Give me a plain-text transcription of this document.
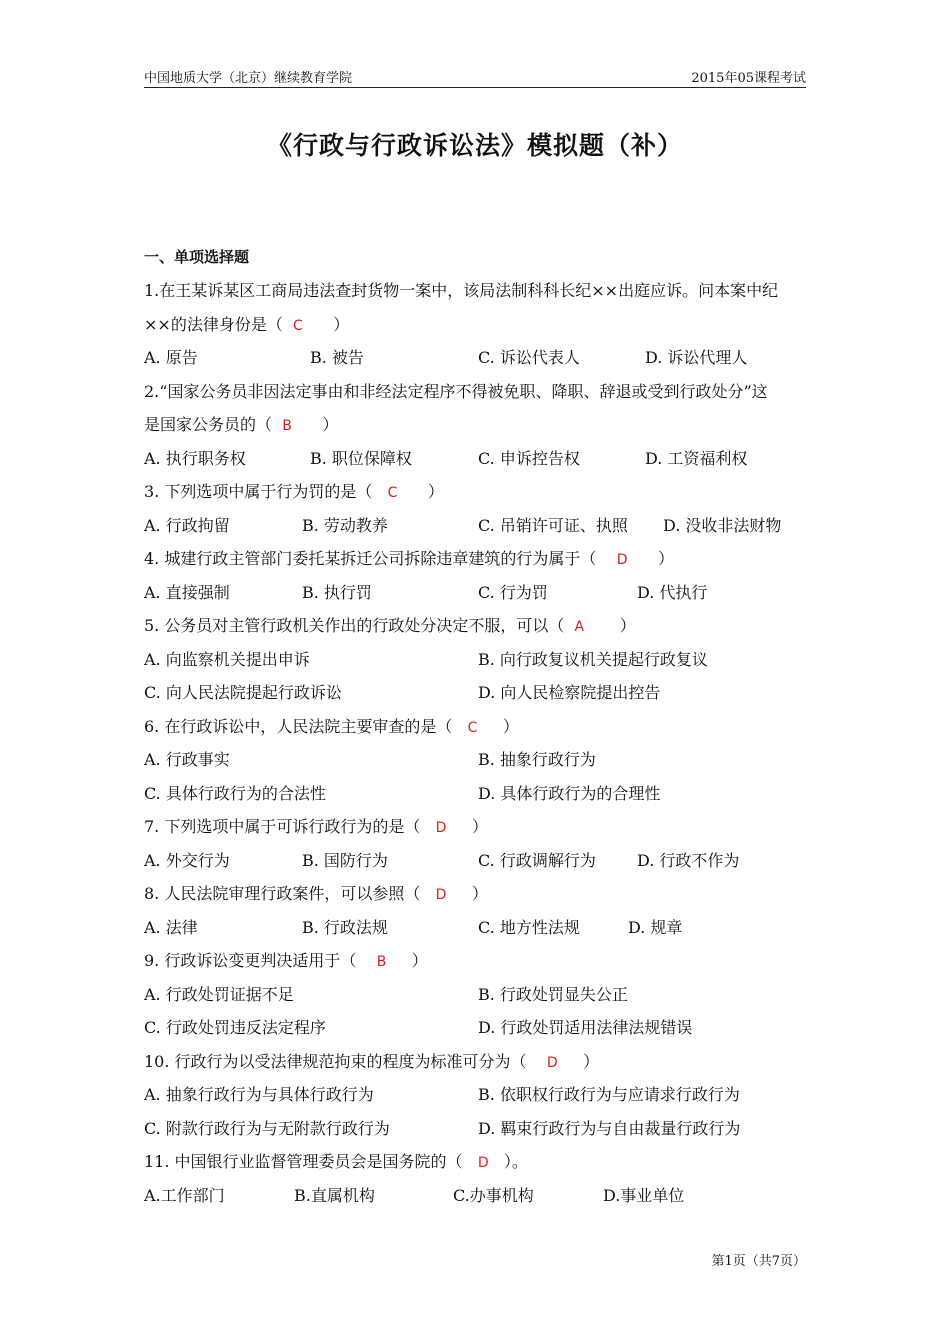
中国地质大学（北京）继续教育学院	2015年05课程考试
《行政与行政诉讼法》模拟题（补）
一、单项选择题
1.在王某诉某区工商局违法查封货物一案中，该局法制科科长纪××出庭应诉。问本案中纪
××的法律身份是（ C ）
A. 原告	B. 被告	C. 诉讼代表人	D. 诉讼代理人
2.“国家公务员非因法定事由和非经法定程序不得被免职、降职、辞退或受到行政处分”这
是国家公务员的（ B ）
A. 执行职务权	B. 职位保障权	C. 申诉控告权	D. 工资福利权
3. 下列选项中属于行为罚的是（ C ）
A. 行政拘留	B. 劳动教养	C. 吊销许可证、执照 D. 没收非法财物
4. 城建行政主管部门委托某拆迁公司拆除违章建筑的行为属于（ D ）
A. 直接强制	B. 执行罚	C. 行为罚	D. 代执行
5. 公务员对主管行政机关作出的行政处分决定不服，可以（ A ）
A. 向监察机关提出申诉	B. 向行政复议机关提起行政复议
C. 向人民法院提起行政诉讼	D. 向人民检察院提出控告
6. 在行政诉讼中，人民法院主要审查的是（ C ）
A. 行政事实	B. 抽象行政行为
C. 具体行政行为的合法性	D. 具体行政行为的合理性
7. 下列选项中属于可诉行政行为的是（ D ）
A. 外交行为	B. 国防行为	C. 行政调解行为	D. 行政不作为
8. 人民法院审理行政案件，可以参照（ D ）
A. 法律	B. 行政法规	C. 地方性法规	D. 规章
9. 行政诉讼变更判决适用于（ B ）
A. 行政处罚证据不足	B. 行政处罚显失公正
C. 行政处罚违反法定程序	D. 行政处罚适用法律法规错误
10. 行政行为以受法律规范拘束的程度为标准可分为（ D ）
A. 抽象行政行为与具体行政行为	B. 依职权行政行为与应请求行政行为
C. 附款行政行为与无附款行政行为	D. 羁束行政行为与自由裁量行政行为
11. 中国银行业监督管理委员会是国务院的（ D ）。
A.工作部门	B.直属机构	C.办事机构	D.事业单位
第1页（共7页）
